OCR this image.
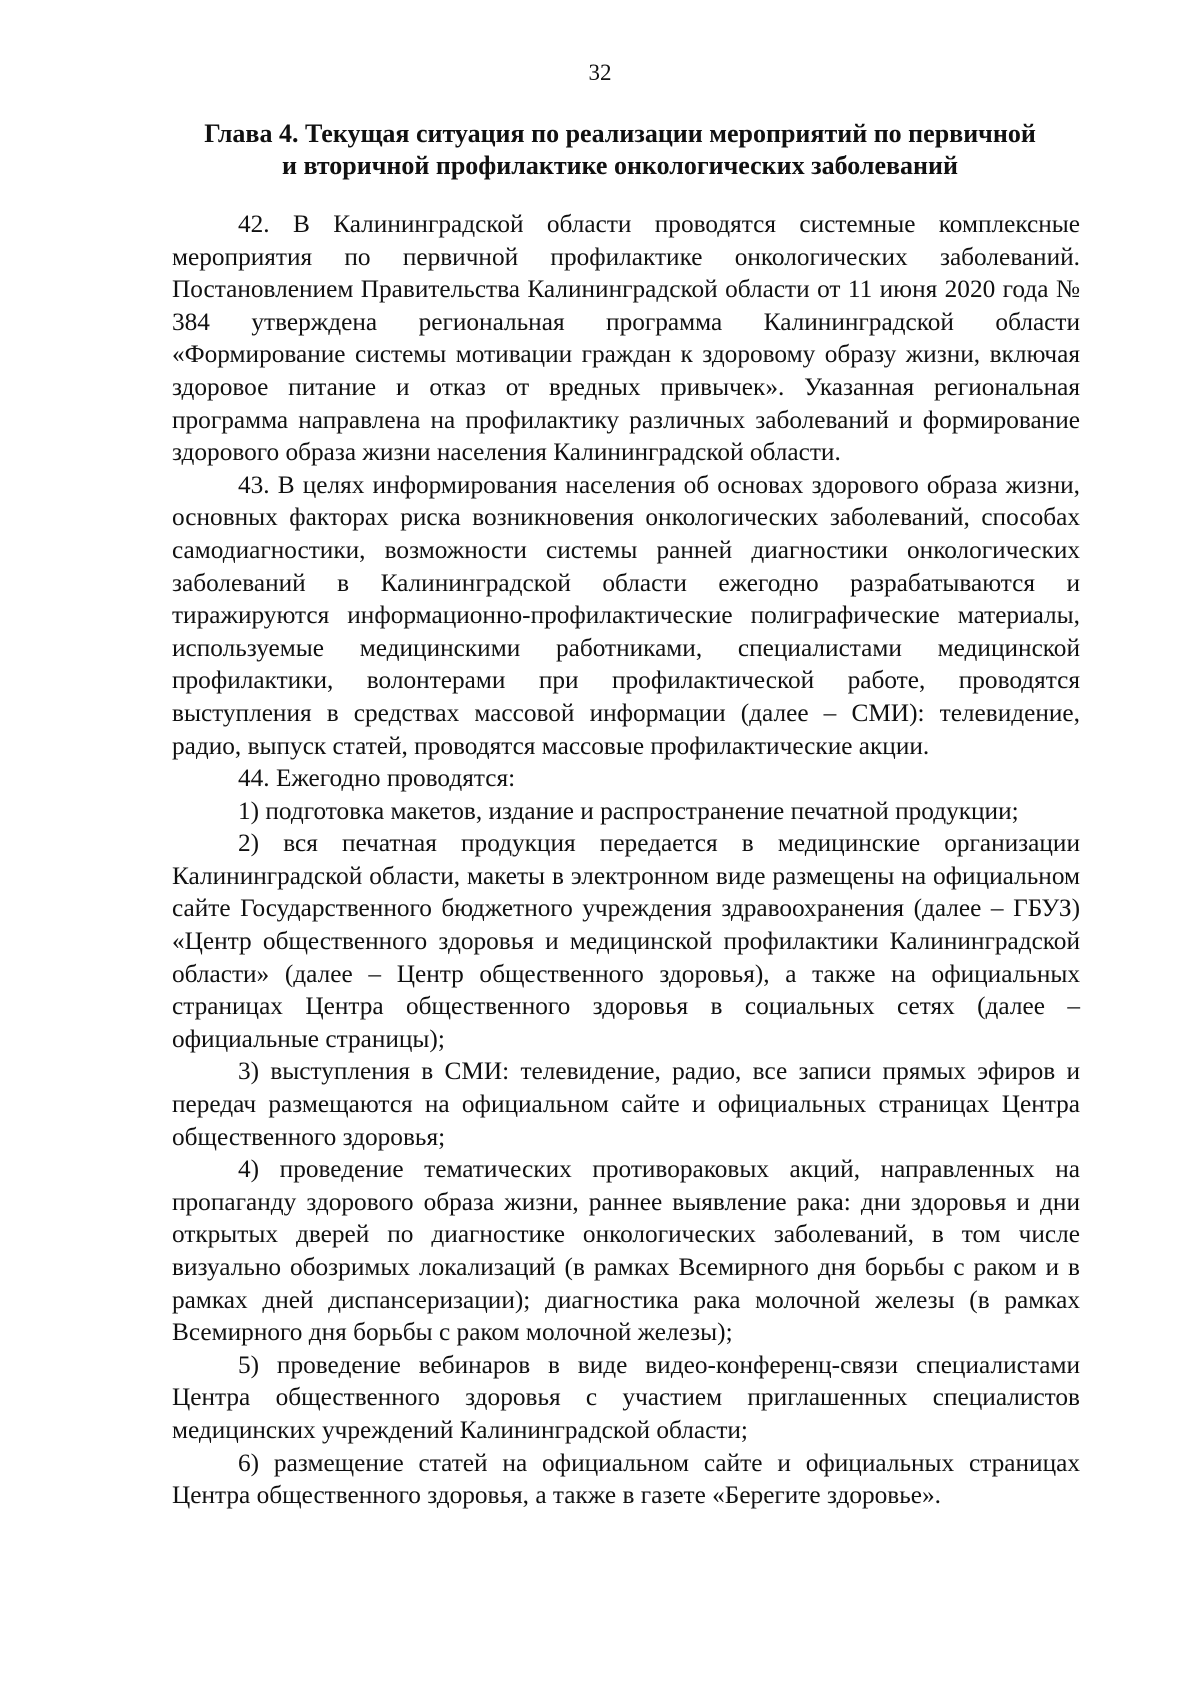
32
Глава 4. Текущая ситуация по реализации мероприятий по первичной
и вторичной профилактике онкологических заболеваний

42. В Калининградской области проводятся системные комплексные мероприятия по первичной профилактике онкологических заболеваний. Постановлением Правительства Калининградской области от 11 июня 2020 года № 384 утверждена региональная программа Калининградской области «Формирование системы мотивации граждан к здоровому образу жизни, включая здоровое питание и отказ от вредных привычек». Указанная региональная программа направлена на профилактику различных заболеваний и формирование здорового образа жизни населения Калининградской области.

43. В целях информирования населения об основах здорового образа жизни, основных факторах риска возникновения онкологических заболеваний, способах самодиагностики, возможности системы ранней диагностики онкологических заболеваний в Калининградской области ежегодно разрабатываются и тиражируются информационно-профилактические полиграфические материалы, используемые медицинскими работниками, специалистами медицинской профилактики, волонтерами при профилактической работе, проводятся выступления в средствах массовой информации (далее – СМИ): телевидение, радио, выпуск статей, проводятся массовые профилактические акции.

44. Ежегодно проводятся:

1) подготовка макетов, издание и распространение печатной продукции;

2) вся печатная продукция передается в медицинские организации Калининградской области, макеты в электронном виде размещены на официальном сайте Государственного бюджетного учреждения здравоохранения (далее – ГБУЗ) «Центр общественного здоровья и медицинской профилактики Калининградской области» (далее – Центр общественного здоровья), а также на официальных страницах Центра общественного здоровья в социальных сетях (далее – официальные страницы);

3) выступления в СМИ: телевидение, радио, все записи прямых эфиров и передач размещаются на официальном сайте и официальных страницах Центра общественного здоровья;

4) проведение тематических противораковых акций, направленных на пропаганду здорового образа жизни, раннее выявление рака: дни здоровья и дни открытых дверей по диагностике онкологических заболеваний, в том числе визуально обозримых локализаций (в рамках Всемирного дня борьбы с раком и в рамках дней диспансеризации); диагностика рака молочной железы (в рамках Всемирного дня борьбы с раком молочной железы);

5) проведение вебинаров в виде видео-конференц-связи специалистами Центра общественного здоровья с участием приглашенных специалистов медицинских учреждений Калининградской области;

6) размещение статей на официальном сайте и официальных страницах Центра общественного здоровья, а также в газете «Берегите здоровье».
